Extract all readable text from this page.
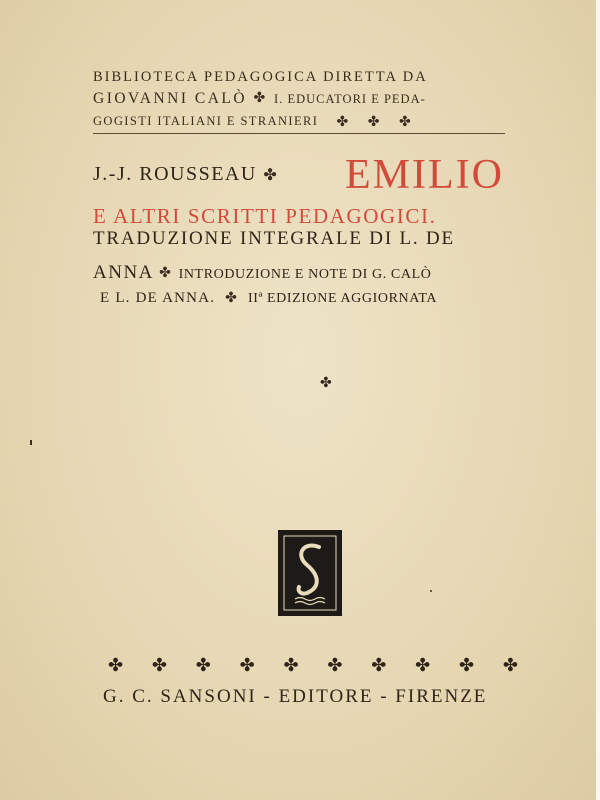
BIBLIOTECA PEDAGOGICA DIRETTA DA
GIOVANNI CALÒ ✤ I. EDUCATORI E PEDA-
GOGISTI ITALIANI E STRANIERI ✤ ✤ ✤
J.-J. ROUSSEAU ✤ EMILIO
E ALTRI SCRITTI PEDAGOGICI.
TRADUZIONE INTEGRALE DI L. DE
ANNA ✤ INTRODUZIONE E NOTE DI G. CALÒ
E L. DE ANNA. ✤ IIª EDIZIONE AGGIORNATA
✤
✤ ✤ ✤ ✤ ✤ ✤ ✤ ✤ ✤ ✤
G. C. SANSONI - EDITORE - FIRENZE
